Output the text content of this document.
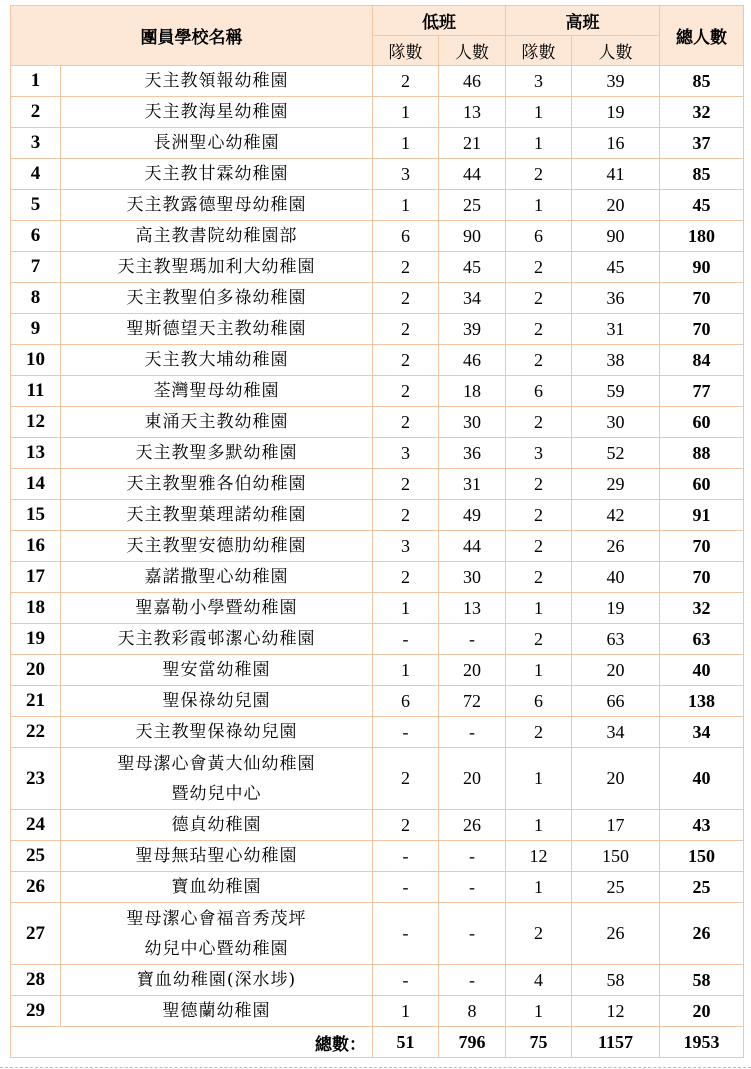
團員學校名稱		低班		高班		總人數
		隊數	人數	隊數	人數	
1	天主教領報幼稚園	2	46	3	39	85
2	天主教海星幼稚園	1	13	1	19	32
3	長洲聖心幼稚園	1	21	1	16	37
4	天主教甘霖幼稚園	3	44	2	41	85
5	天主教露德聖母幼稚園	1	25	1	20	45
6	高主教書院幼稚園部	6	90	6	90	180
7	天主教聖瑪加利大幼稚園	2	45	2	45	90
8	天主教聖伯多祿幼稚園	2	34	2	36	70
9	聖斯德望天主教幼稚園	2	39	2	31	70
10	天主教大埔幼稚園	2	46	2	38	84
11	荃灣聖母幼稚園	2	18	6	59	77
12	東涌天主教幼稚園	2	30	2	30	60
13	天主教聖多默幼稚園	3	36	3	52	88
14	天主教聖雅各伯幼稚園	2	31	2	29	60
15	天主教聖葉理諾幼稚園	2	49	2	42	91
16	天主教聖安德肋幼稚園	3	44	2	26	70
17	嘉諾撒聖心幼稚園	2	30	2	40	70
18	聖嘉勒小學暨幼稚園	1	13	1	19	32
19	天主教彩霞邨潔心幼稚園	-	-	2	63	63
20	聖安當幼稚園	1	20	1	20	40
21	聖保祿幼兒園	6	72	6	66	138
22	天主教聖保祿幼兒園	-	-	2	34	34
23	聖母潔心會黃大仙幼稚園
暨幼兒中心	2	20	1	20	40
24	德貞幼稚園	2	26	1	17	43
25	聖母無玷聖心幼稚園	-	-	12	150	150
26	寶血幼稚園	-	-	1	25	25
27	聖母潔心會福音秀茂坪
幼兒中心暨幼稚園	-	-	2	26	26
28	寶血幼稚園(深水埗)	-	-	4	58	58
29	聖德蘭幼稚園	1	8	1	12	20
總數：		51	796	75	1157	1953
